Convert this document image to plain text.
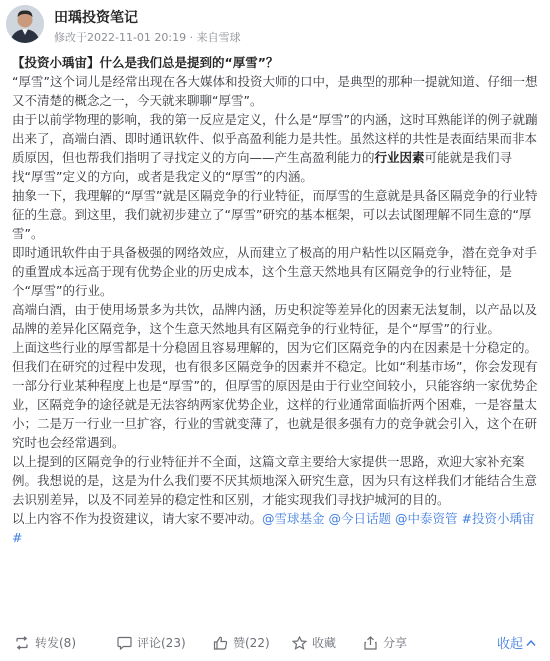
田瑀投资笔记
修改于2022-11-01 20:19 · 来自雪球

【投资小瑀宙】什么是我们总是提到的“厚雪”？

“厚雪”这个词儿是经常出现在各大媒体和投资大师的口中，是典型的那种一提就知道、仔细一想又不清楚的概念之一，今天就来聊聊“厚雪”。

由于以前学物理的影响，我的第一反应是定义，什么是“厚雪”的内涵，这时耳熟能详的例子就蹦出来了，高端白酒、即时通讯软件、似乎高盈利能力是共性。虽然这样的共性是表面结果而非本质原因，但也帮我们指明了寻找定义的方向——产生高盈利能力的行业因素可能就是我们寻找“厚雪”定义的方向，或者是我定义的“厚雪”的内涵。

抽象一下，我理解的“厚雪”就是区隔竞争的行业特征，而厚雪的生意就是具备区隔竞争的行业特征的生意。到这里，我们就初步建立了“厚雪”研究的基本框架，可以去试图理解不同生意的“厚雪”。

即时通讯软件由于具备极强的网络效应，从而建立了极高的用户粘性以区隔竞争，潜在竞争对手的重置成本远高于现有优势企业的历史成本，这个生意天然地具有区隔竞争的行业特征，是个“厚雪”的行业。

高端白酒，由于使用场景多为共饮，品牌内涵，历史积淀等差异化的因素无法复制，以产品以及品牌的差异化区隔竞争，这个生意天然地具有区隔竞争的行业特征，是个“厚雪”的行业。

上面这些行业的厚雪都是十分稳固且容易理解的，因为它们区隔竞争的内在因素是十分稳定的。但我们在研究的过程中发现，也有很多区隔竞争的因素并不稳定。比如“利基市场”，你会发现有一部分行业某种程度上也是“厚雪”的，但厚雪的原因是由于行业空间较小，只能容纳一家优势企业，区隔竞争的途径就是无法容纳两家优势企业，这样的行业通常面临折两个困难，一是容量太小；二是万一行业一旦扩容，行业的雪就变薄了，也就是很多强有力的竞争就会引入，这个在研究时也会经常遇到。

以上提到的区隔竞争的行业特征并不全面，这篇文章主要给大家提供一思路，欢迎大家补充案例。我想说的是，这是为什么我们要不厌其烦地深入研究生意，因为只有这样我们才能结合生意去识别差异，以及不同差异的稳定性和区别，才能实现我们寻找护城河的目的。

以上内容不作为投资建议，请大家不要冲动。@雪球基金 @今日话题 @中泰资管 #投资小瑀宙#

转发(8)	评论(23)	赞(22)	收藏	分享	收起
